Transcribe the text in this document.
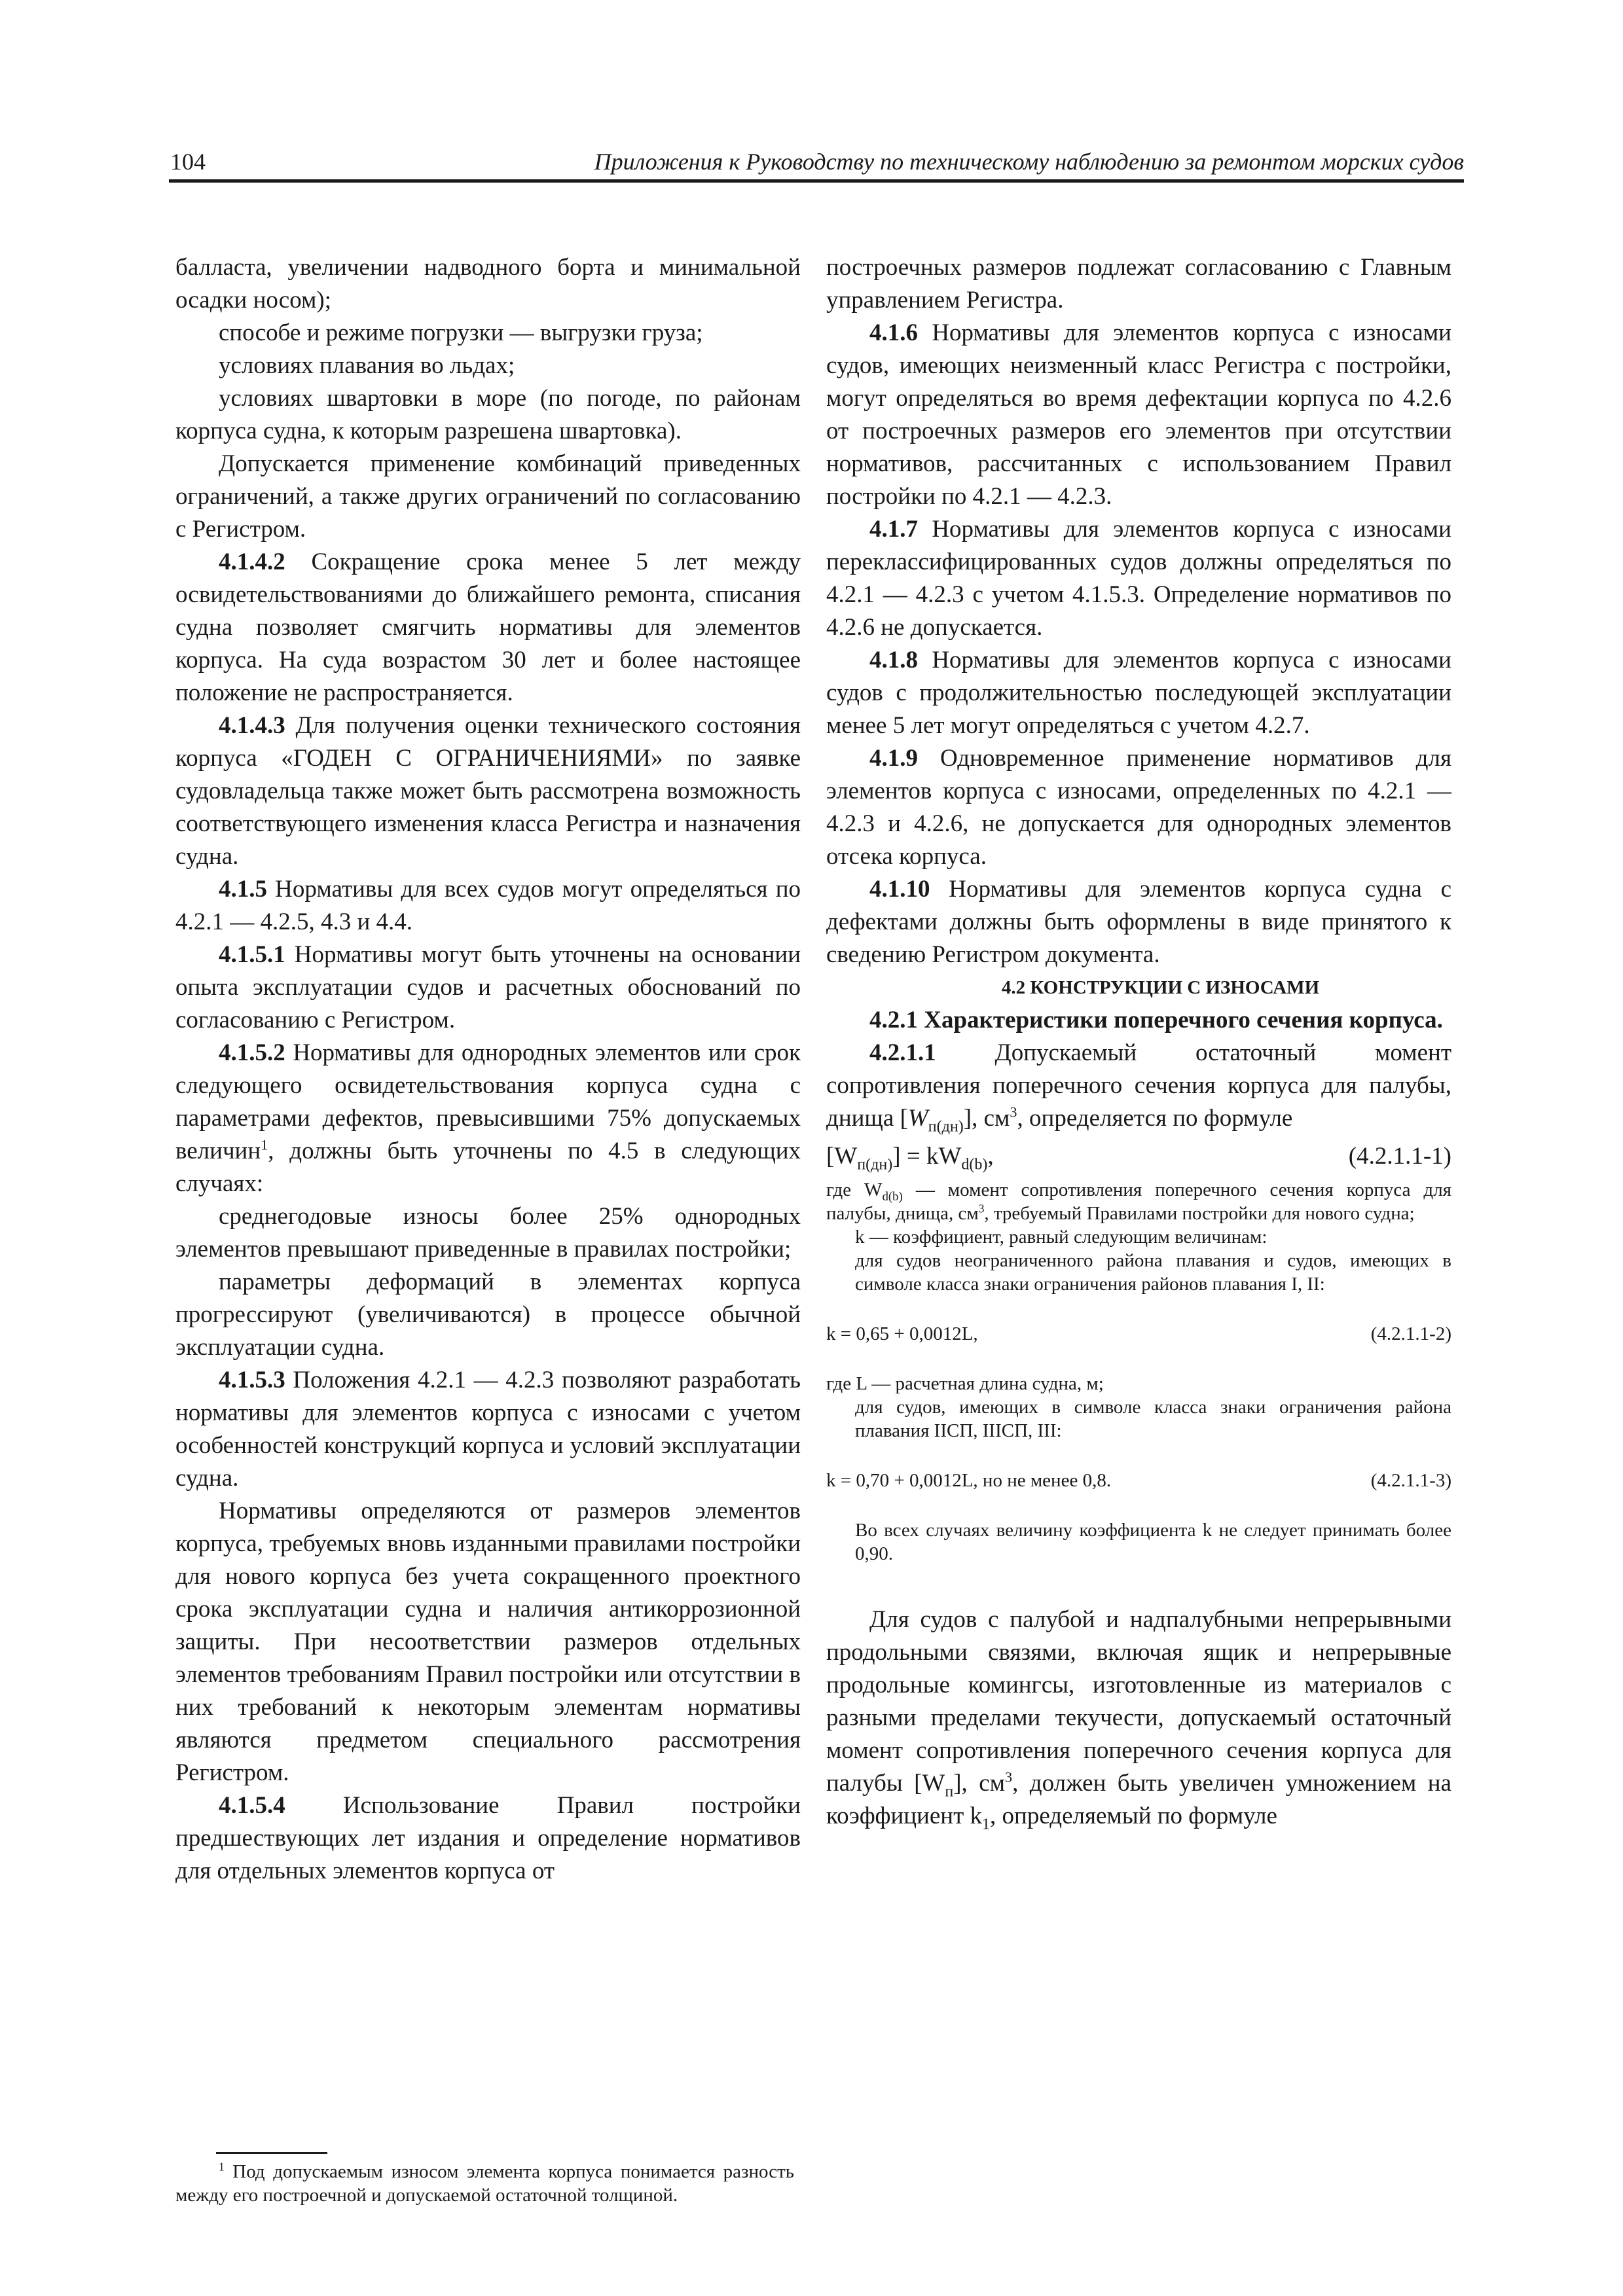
104	Приложения к Руководству по техническому наблюдению за ремонтом морских судов

балласта, увеличении надводного борта и минимальной осадки носом);

способе и режиме погрузки — выгрузки груза;

условиях плавания во льдах;

условиях швартовки в море (по погоде, по районам корпуса судна, к которым разрешена швартовка).

Допускается применение комбинаций приведенных ограничений, а также других ограничений по согласованию с Регистром.

4.1.4.2 Сокращение срока менее 5 лет между освидетельствованиями до ближайшего ремонта, списания судна позволяет смягчить нормативы для элементов корпуса. На суда возрастом 30 лет и более настоящее положение не распространяется.

4.1.4.3 Для получения оценки технического состояния корпуса «ГОДЕН С ОГРАНИЧЕНИЯМИ» по заявке судовладельца также может быть рассмотрена возможность соответствующего изменения класса Регистра и назначения судна.

4.1.5 Нормативы для всех судов могут определяться по 4.2.1 — 4.2.5, 4.3 и 4.4.

4.1.5.1 Нормативы могут быть уточнены на основании опыта эксплуатации судов и расчетных обоснований по согласованию с Регистром.

4.1.5.2 Нормативы для однородных элементов или срок следующего освидетельствования корпуса судна с параметрами дефектов, превысившими 75% допускаемых величин$^1$, должны быть уточнены по 4.5 в следующих случаях:

среднегодовые износы более 25% однородных элементов превышают приведенные в правилах постройки;

параметры деформаций в элементах корпуса прогрессируют (увеличиваются) в процессе обычной эксплуатации судна.

4.1.5.3 Положения 4.2.1 — 4.2.3 позволяют разработать нормативы для элементов корпуса с износами с учетом особенностей конструкций корпуса и условий эксплуатации судна.

Нормативы определяются от размеров элементов корпуса, требуемых вновь изданными правилами постройки для нового корпуса без учета сокращенного проектного срока эксплуатации судна и наличия антикоррозионной защиты. При несоответствии размеров отдельных элементов требованиям Правил постройки или отсутствии в них требований к некоторым элементам нормативы являются предметом специального рассмотрения Регистром.

4.1.5.4 Использование Правил постройки предшествующих лет издания и определение нормативов для отдельных элементов корпуса от

$^1$ Под допускаемым износом элемента корпуса понимается разность между его построечной и допускаемой остаточной толщиной.

построечных размеров подлежат согласованию с Главным управлением Регистра.

4.1.6 Нормативы для элементов корпуса с износами судов, имеющих неизменный класс Регистра с постройки, могут определяться во время дефектации корпуса по 4.2.6 от построечных размеров его элементов при отсутствии нормативов, рассчитанных с использованием Правил постройки по 4.2.1 — 4.2.3.

4.1.7 Нормативы для элементов корпуса с износами переклассифицированных судов должны определяться по 4.2.1 — 4.2.3 с учетом 4.1.5.3. Определение нормативов по 4.2.6 не допускается.

4.1.8 Нормативы для элементов корпуса с износами судов с продолжительностью последующей эксплуатации менее 5 лет могут определяться с учетом 4.2.7.

4.1.9 Одновременное применение нормативов для элементов корпуса с износами, определенных по 4.2.1 — 4.2.3 и 4.2.6, не допускается для однородных элементов отсека корпуса.

4.1.10 Нормативы для элементов корпуса судна с дефектами должны быть оформлены в виде принятого к сведению Регистром документа.

4.2 КОНСТРУКЦИИ С ИЗНОСАМИ

4.2.1 Характеристики поперечного сечения корпуса.

4.2.1.1 Допускаемый остаточный момент сопротивления поперечного сечения корпуса для палубы, днища $[W_{п(дн)}]$, $см^3$, определяется по формуле

$[W_{п(дн)}] = kW_{d(b)}$,	(4.2.1.1-1)

где $W_{d(b)}$ — момент сопротивления поперечного сечения корпуса для палубы, днища, $см^3$, требуемый Правилами постройки для нового судна;

k — коэффициент, равный следующим величинам:

для судов неограниченного района плавания и судов, имеющих в символе класса знаки ограничения районов плавания I, II:

k = 0,65 + 0,0012L,	(4.2.1.1-2)

где L — расчетная длина судна, м;

для судов, имеющих в символе класса знаки ограничения района плавания IIСП, IIIСП, III:

k = 0,70 + 0,0012L, но не менее 0,8.	(4.2.1.1-3)

Во всех случаях величину коэффициента k не следует принимать более 0,90.

Для судов с палубой и надпалубными непрерывными продольными связями, включая ящик и непрерывные продольные комингсы, изготовленные из материалов с разными пределами текучести, допускаемый остаточный момент сопротивления поперечного сечения корпуса для палубы $[W_п]$, $см^3$, должен быть увеличен умножением на коэффициент $k_1$, определяемый по формуле
